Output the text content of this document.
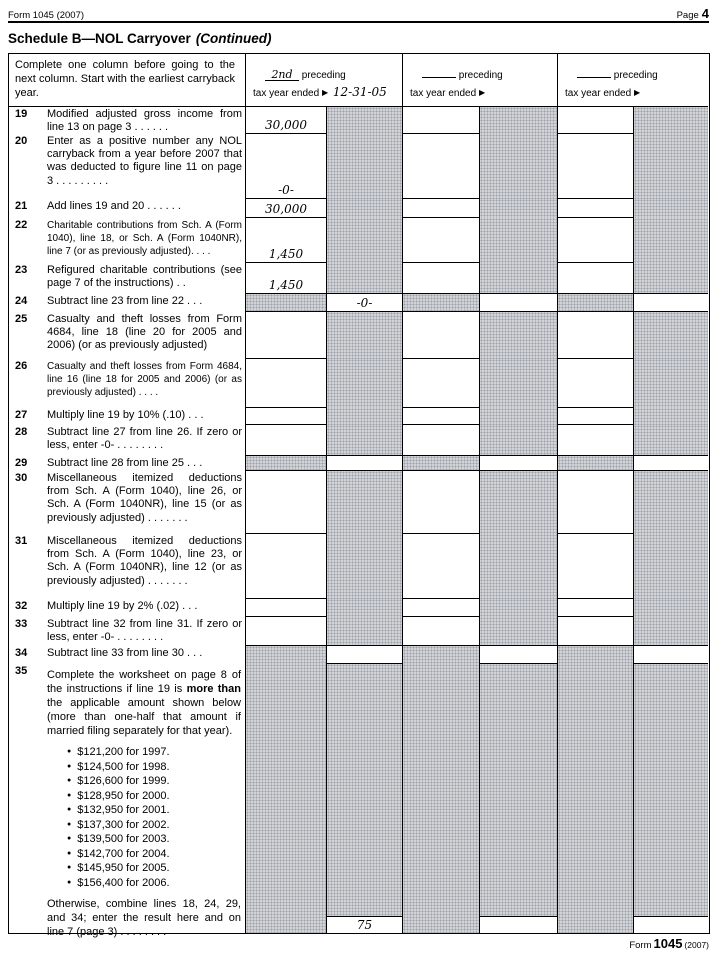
Form 1045 (2007)	Page 4
Schedule B—NOL Carryover (Continued)
Complete one column before going to the next column. Start with the earliest carryback year.
2nd preceding
tax year ended ▶ 12-31-05
preceding
tax year ended ▶
preceding
tax year ended ▶
19	Modified adjusted gross income from line 13 on page 3 . . . . . .	30,000
20	Enter as a positive number any NOL carryback from a year before 2007 that was deducted to figure line 11 on page 3 . . . . . . . . .
-0-
21	Add lines 19 and 20 . . . . . .	30,000
22	Charitable contributions from Sch. A (Form 1040), line 18, or Sch. A (Form 1040NR), line 7 (or as previously adjusted). . . .	1,450
23	Refigured charitable contributions (see page 7 of the instructions) . .	1,450
24	Subtract line 23 from line 22 . . .	-0-
25	Casualty and theft losses from Form 4684, line 18 (line 20 for 2005 and 2006) (or as previously adjusted)
26	Casualty and theft losses from Form 4684, line 16 (line 18 for 2005 and 2006) (or as previously adjusted) . . . .
27	Multiply line 19 by 10% (.10) . . .
28	Subtract line 27 from line 26. If zero or less, enter -0- . . . . . . . .
29	Subtract line 28 from line 25 . . .
30	Miscellaneous itemized deductions from Sch. A (Form 1040), line 26, or Sch. A (Form 1040NR), line 15 (or as previously adjusted) . . . . . . .
31	Miscellaneous itemized deductions from Sch. A (Form 1040), line 23, or Sch. A (Form 1040NR), line 12 (or as previously adjusted) . . . . . . .
32	Multiply line 19 by 2% (.02) . . .
33	Subtract line 32 from line 31. If zero or less, enter -0- . . . . . . . .
34	Subtract line 33 from line 30 . . .
35	Complete the worksheet on page 8 of the instructions if line 19 is more than the applicable amount shown below (more than one-half that amount if married filing separately for that year).
● $121,200 for 1997.
● $124,500 for 1998.
● $126,600 for 1999.
● $128,950 for 2000.
● $132,950 for 2001.
● $137,300 for 2002.
● $139,500 for 2003.
● $142,700 for 2004.
● $145,950 for 2005.
● $156,400 for 2006.
Otherwise, combine lines 18, 24, 29, and 34; enter the result here and on line 7 (page 3) . . . . . . . .	75
Form 1045 (2007)
